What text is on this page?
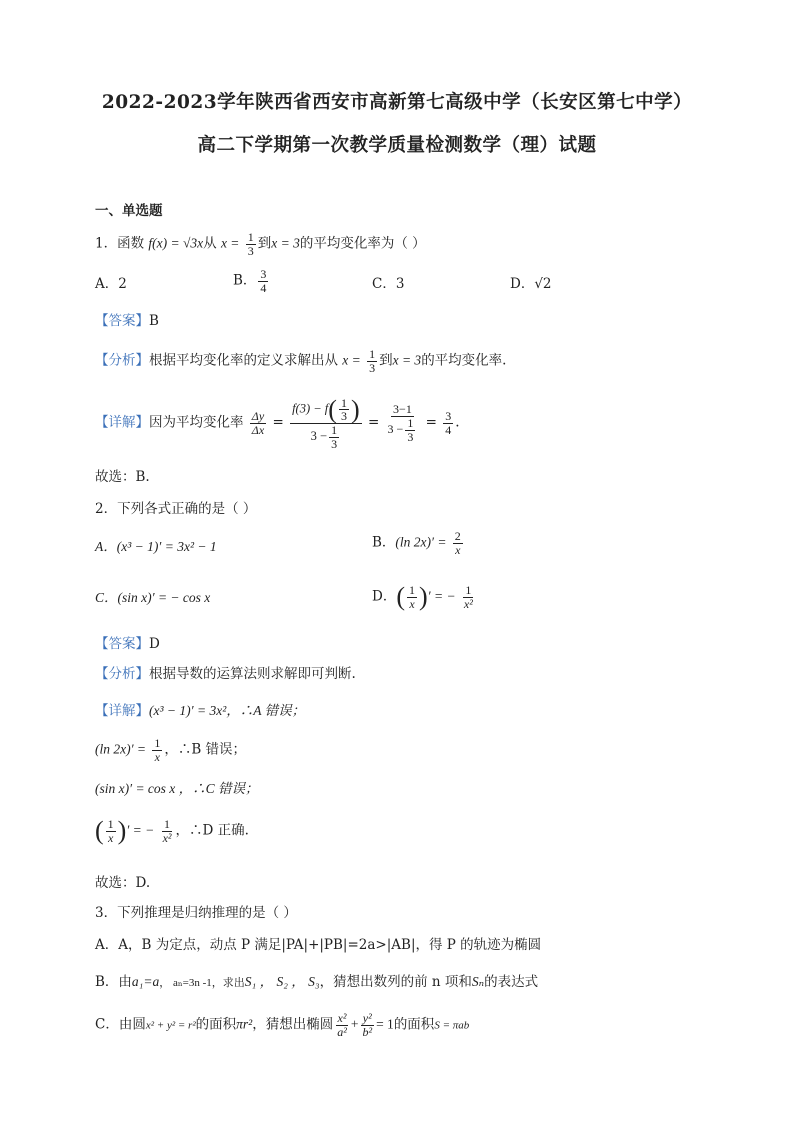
2022-2023学年陕西省西安市高新第七高级中学（长安区第七中学）
高二下学期第一次教学质量检测数学（理）试题
一、单选题
1．函数 f(x) = √3x从 $x = \frac{1}{3}$ 到x = 3的平均变化率为（ ）
A．2	B． $\frac{3}{4}$	C．3	D．√2
【答案】B
【分析】根据平均变化率的定义求解出从 $x = \frac{1}{3}$ 到x = 3的平均变化率.
【详解】因为平均变化率 $\frac{\Delta y}{\Delta x} = \frac{f(3) - f( \frac{1}{3} )}{3 - \frac{1}{3}} = \frac{3-1}{3 - \frac{1}{3}} = \frac{3}{4}$ .
故选：B.
2．下列各式正确的是（ ）
A．(x³ − 1)′ = 3x² − 1	B．(ln $2x)' = \frac{2}{x}$
C．(sin x)′ = − cos x	D．( $\frac{1}{x}$ )′ = − $\frac{1}{\text{x²}}$
【答案】D
【分析】根据导数的运算法则求解即可判断.
【详解】(x³ − 1)′ = 3x²，∴A 错误；
(ln $2x)' = \frac{1}{x}$ ，∴B 错误；
(sin x)′ = cos x ，∴C 错误；
( $\frac{1}{x}$ )′ = − $\frac{1}{\text{x²}}$ ，∴D 正确.
故选：D.
3．下列推理是归纳推理的是（ ）
A．A，B 为定点，动点 P 满足|PA|+|PB|=2a>|AB|，得 P 的轨迹为椭圆
B．由a₁=a， aₙ=3n -1，求出S₁ ， S₂ ， S₃，猜想出数列的前 n 项和Sₙ的表达式
C．由圆x² + y² = r²的面积πr²，猜想出椭圆 $\frac{\text{x²}}{\text{a²}} + \frac{\text{y²}}{\text{b²}} = 1$的面积S = πab
